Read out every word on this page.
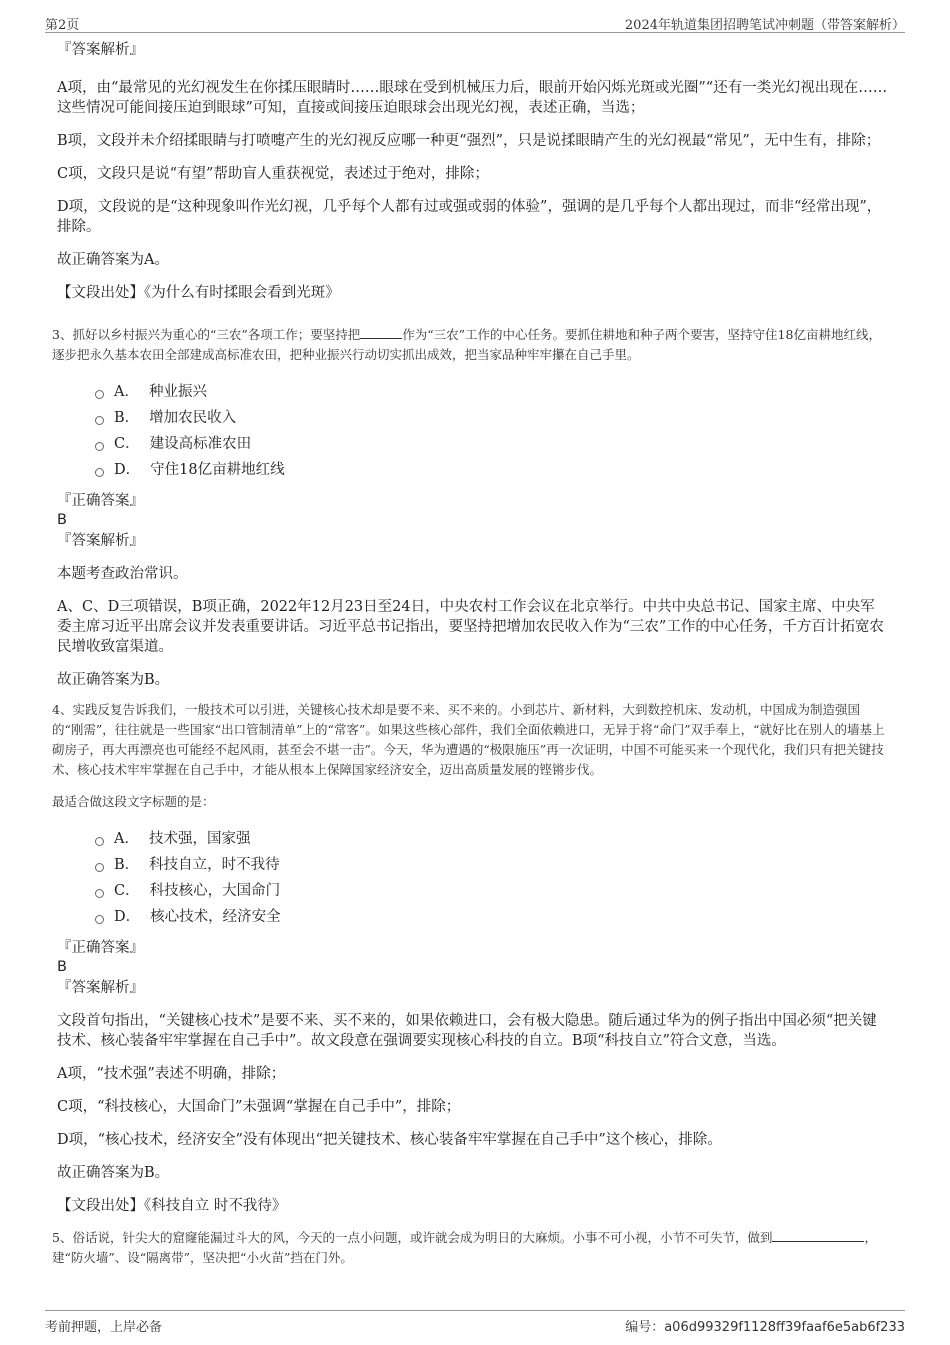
第2页	2024年轨道集团招聘笔试冲刺题（带答案解析）
『答案解析』
A项，由“最常见的光幻视发生在你揉压眼睛时……眼球在受到机械压力后，眼前开始闪烁光斑或光圈”“还有一类光幻视出现在……这些情况可能间接压迫到眼球”可知，直接或间接压迫眼球会出现光幻视，表述正确，当选；
B项，文段并未介绍揉眼睛与打喷嚏产生的光幻视反应哪一种更“强烈”，只是说揉眼睛产生的光幻视最“常见”，无中生有，排除；
C项，文段只是说“有望”帮助盲人重获视觉，表述过于绝对，排除；
D项，文段说的是“这种现象叫作光幻视，几乎每个人都有过或强或弱的体验”，强调的是几乎每个人都出现过，而非“经常出现”，排除。
故正确答案为A。
【文段出处】《为什么有时揉眼会看到光斑》
3、抓好以乡村振兴为重心的“三农”各项工作；要坚持把	作为“三农”工作的中心任务。要抓住耕地和种子两个要害，坚持守住18亿亩耕地红线，逐步把永久基本农田全部建成高标准农田，把种业振兴行动切实抓出成效，把当家品种牢牢攥在自己手里。
A． 种业振兴
B． 增加农民收入
C． 建设高标准农田
D． 守住18亿亩耕地红线
『正确答案』
B
『答案解析』
本题考查政治常识。
A、C、D三项错误，B项正确，2022年12月23日至24日，中央农村工作会议在北京举行。中共中央总书记、国家主席、中央军委主席习近平出席会议并发表重要讲话。习近平总书记指出，要坚持把增加农民收入作为“三农”工作的中心任务，千方百计拓宽农民增收致富渠道。
故正确答案为B。
4、实践反复告诉我们，一般技术可以引进，关键核心技术却是要不来、买不来的。小到芯片、新材料，大到数控机床、发动机，中国成为制造强国的“刚需”，往往就是一些国家“出口管制清单”上的“常客”。如果这些核心部件，我们全面依赖进口，无异于将“命门”双手奉上，“就好比在别人的墙基上砌房子，再大再漂亮也可能经不起风雨，甚至会不堪一击”。今天，华为遭遇的“极限施压”再一次证明，中国不可能买来一个现代化，我们只有把关键技术、核心技术牢牢掌握在自己手中，才能从根本上保障国家经济安全，迈出高质量发展的铿锵步伐。
最适合做这段文字标题的是：
A． 技术强，国家强
B． 科技自立，时不我待
C． 科技核心，大国命门
D． 核心技术，经济安全
『正确答案』
B
『答案解析』
文段首句指出，“关键核心技术”是要不来、买不来的，如果依赖进口，会有极大隐患。随后通过华为的例子指出中国必须“把关键技术、核心装备牢牢掌握在自己手中”。故文段意在强调要实现核心科技的自立。B项“科技自立”符合文意，当选。
A项，“技术强”表述不明确，排除；
C项，“科技核心，大国命门”未强调“掌握在自己手中”，排除；
D项，“核心技术，经济安全”没有体现出“把关键技术、核心装备牢牢掌握在自己手中”这个核心，排除。
故正确答案为B。
【文段出处】《科技自立 时不我待》
5、俗话说，针尖大的窟窿能漏过斗大的风，今天的一点小问题，或许就会成为明日的大麻烦。小事不可小视，小节不可失节，做到	，建“防火墙”、设“隔离带”，坚决把“小火苗”挡在门外。
考前押题，上岸必备	编号：a06d99329f1128ff39faaf6e5ab6f233
